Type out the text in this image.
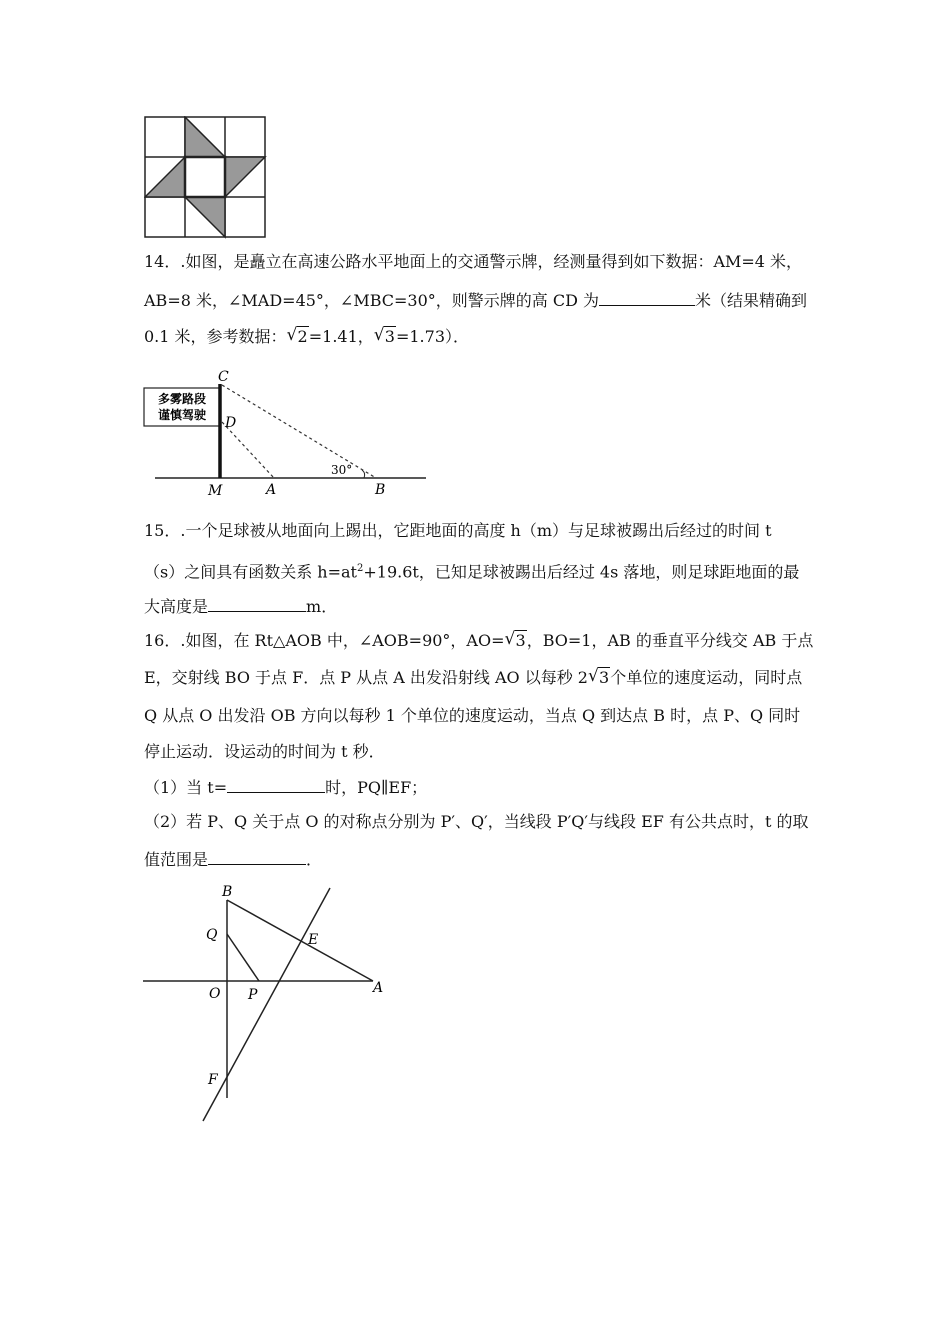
14．.如图，是矗立在高速公路水平地面上的交通警示牌，经测量得到如下数据：AM=4 米，
AB=8 米，∠MAD=45°，∠MBC=30°，则警示牌的高 CD 为	米（结果精确到
0.1 米，参考数据： √ 2=1.41， √ 3=1.73）．
多雾路段
谨慎驾驶
30°
C
D
M	A	B
15．.一个足球被从地面向上踢出，它距地面的高度 h（m）与足球被踢出后经过的时间 t
（s）之间具有函数关系 $h=at^2+19.6t$，已知足球被踢出后经过 4s 落地，则足球距地面的最
大高度是	m．
16．.如图，在 Rt△AOB 中，∠AOB=90°，AO= √ 3，BO=1，AB 的垂直平分线交 AB 于点
E，交射线 BO 于点 F．点 P 从点 A 出发沿射线 AO 以每秒 2 √ 3个单位的速度运动，同时点
Q 从点 O 出发沿 OB 方向以每秒 1 个单位的速度运动，当点 Q 到达点 B 时，点 P、Q 同时
停止运动．设运动的时间为 t 秒．
（1）当 t=	时，PQ∥EF；
（2）若 P、Q 关于点 O 的对称点分别为 P′、Q′，当线段 P′Q′与线段 EF 有公共点时，t 的取
值范围是	．
B
Q	E
O P	A
F
